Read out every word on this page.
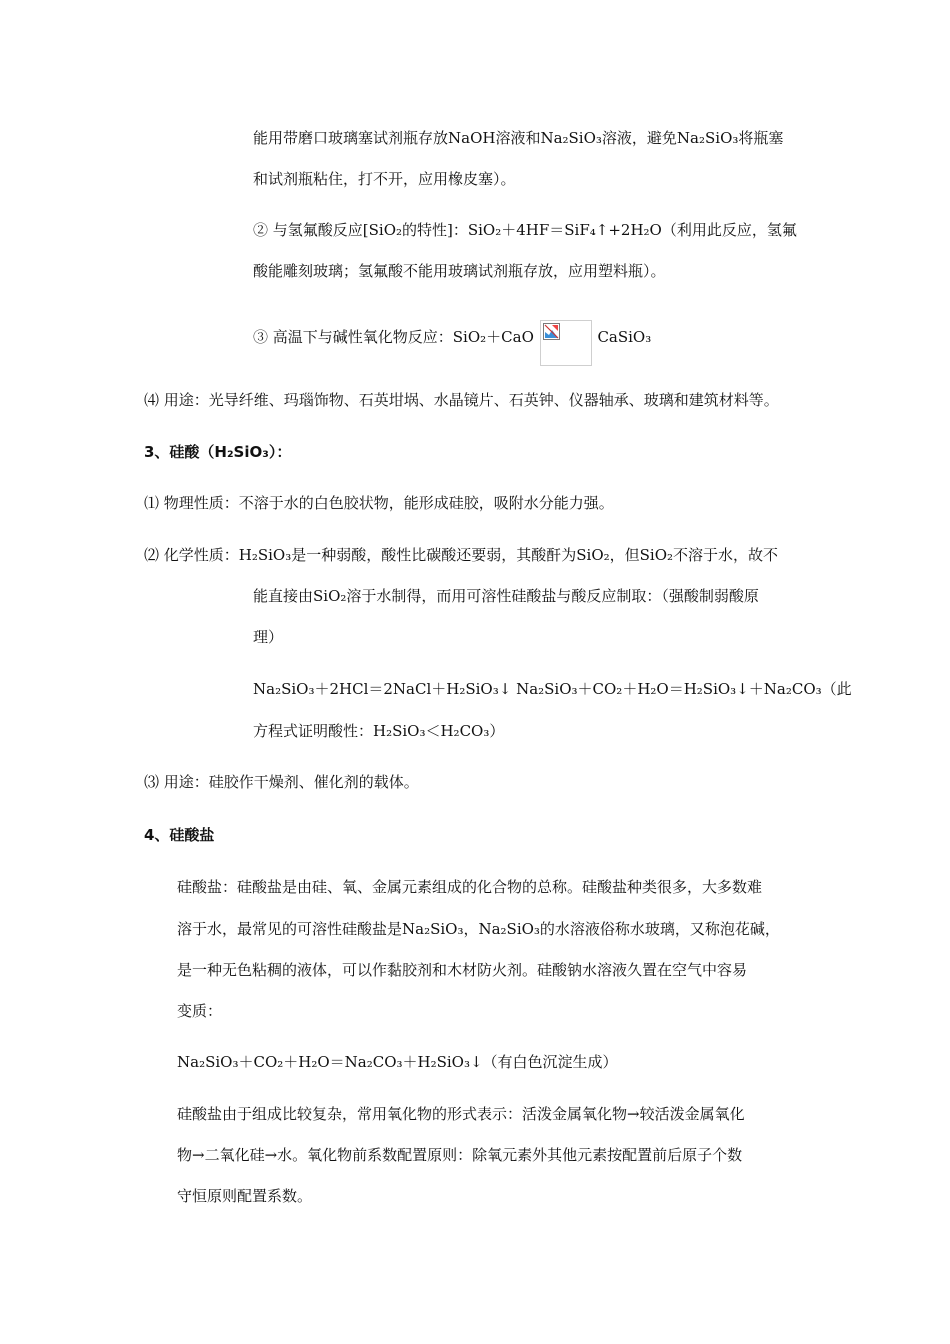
能用带磨口玻璃塞试剂瓶存放NaOH溶液和Na₂SiO₃溶液，避免Na₂SiO₃将瓶塞
和试剂瓶粘住，打不开，应用橡皮塞）。
② 与氢氟酸反应[SiO₂的特性]：SiO₂＋4HF＝SiF₄↑+2H₂O（利用此反应，氢氟
酸能雕刻玻璃；氢氟酸不能用玻璃试剂瓶存放，应用塑料瓶）。
③ 高温下与碱性氧化物反应：SiO₂＋CaO	CaSiO₃
⑷ 用途：光导纤维、玛瑙饰物、石英坩埚、水晶镜片、石英钟、仪器轴承、玻璃和建筑材料等。
3、硅酸（H₂SiO₃）：
⑴ 物理性质：不溶于水的白色胶状物，能形成硅胶，吸附水分能力强。
⑵ 化学性质：H₂SiO₃是一种弱酸，酸性比碳酸还要弱，其酸酐为SiO₂，但SiO₂不溶于水，故不
能直接由SiO₂溶于水制得，而用可溶性硅酸盐与酸反应制取：（强酸制弱酸原
理）
Na₂SiO₃＋2HCl＝2NaCl＋H₂SiO₃↓ Na₂SiO₃＋CO₂＋H₂O＝H₂SiO₃↓＋Na₂CO₃（此
方程式证明酸性：H₂SiO₃＜H₂CO₃）
⑶ 用途：硅胶作干燥剂、催化剂的载体。
4、硅酸盐
硅酸盐：硅酸盐是由硅、氧、金属元素组成的化合物的总称。硅酸盐种类很多，大多数难
溶于水，最常见的可溶性硅酸盐是Na₂SiO₃，Na₂SiO₃的水溶液俗称水玻璃，又称泡花碱，
是一种无色粘稠的液体，可以作黏胶剂和木材防火剂。硅酸钠水溶液久置在空气中容易
变质：
Na₂SiO₃＋CO₂＋H₂O＝Na₂CO₃＋H₂SiO₃↓（有白色沉淀生成）
硅酸盐由于组成比较复杂，常用氧化物的形式表示：活泼金属氧化物→较活泼金属氧化
物→二氧化硅→水。氧化物前系数配置原则：除氧元素外其他元素按配置前后原子个数
守恒原则配置系数。
